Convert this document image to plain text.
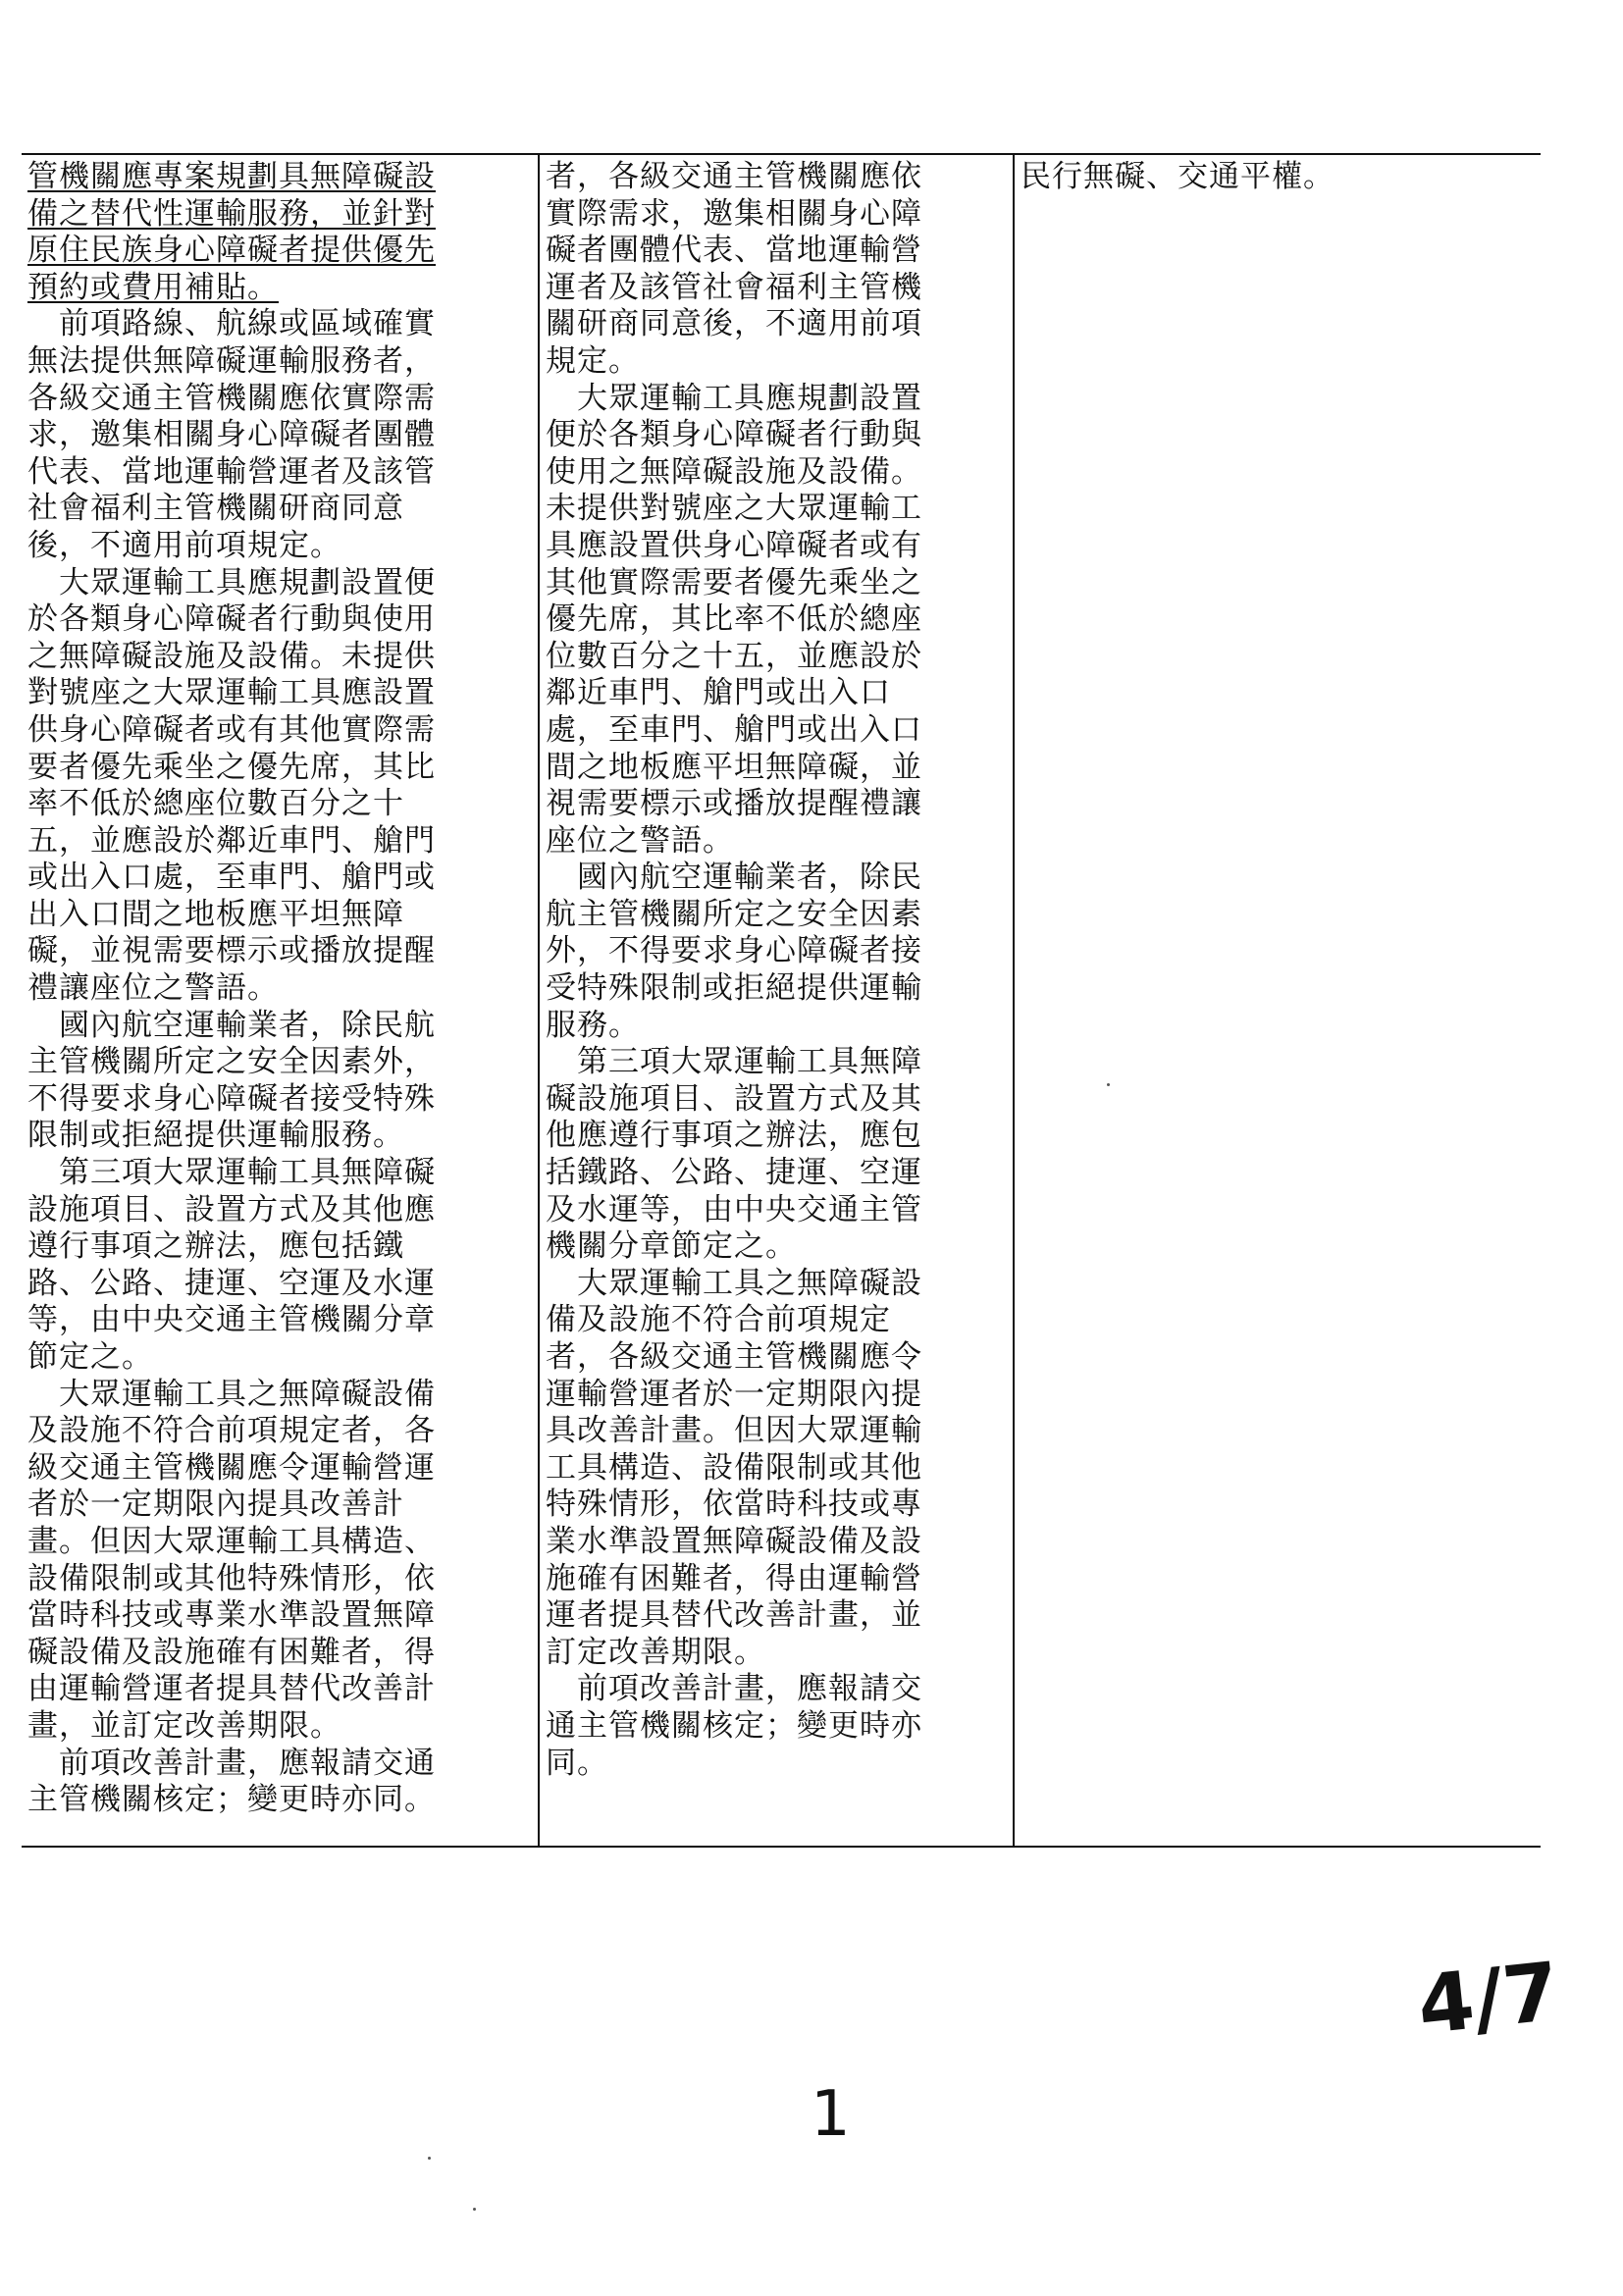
管機關應專案規劃具無障礙設

備之替代性運輸服務，並針對

原住民族身心障礙者提供優先

預約或費用補貼。

　前項路線、航線或區域確實

無法提供無障礙運輸服務者，

各級交通主管機關應依實際需

求，邀集相關身心障礙者團體

代表、當地運輸營運者及該管

社會福利主管機關研商同意

後，不適用前項規定。

　大眾運輸工具應規劃設置便

於各類身心障礙者行動與使用

之無障礙設施及設備。未提供

對號座之大眾運輸工具應設置

供身心障礙者或有其他實際需

要者優先乘坐之優先席，其比

率不低於總座位數百分之十

五，並應設於鄰近車門、艙門

或出入口處，至車門、艙門或

出入口間之地板應平坦無障

礙，並視需要標示或播放提醒

禮讓座位之警語。

　國內航空運輸業者，除民航

主管機關所定之安全因素外，

不得要求身心障礙者接受特殊

限制或拒絕提供運輸服務。

　第三項大眾運輸工具無障礙

設施項目、設置方式及其他應

遵行事項之辦法，應包括鐵

路、公路、捷運、空運及水運

等，由中央交通主管機關分章

節定之。

　大眾運輸工具之無障礙設備

及設施不符合前項規定者，各

級交通主管機關應令運輸營運

者於一定期限內提具改善計

畫。但因大眾運輸工具構造、

設備限制或其他特殊情形，依

當時科技或專業水準設置無障

礙設備及設施確有困難者，得

由運輸營運者提具替代改善計

畫，並訂定改善期限。

　前項改善計畫，應報請交通

主管機關核定；變更時亦同。

者，各級交通主管機關應依

實際需求，邀集相關身心障

礙者團體代表、當地運輸營

運者及該管社會福利主管機

關研商同意後，不適用前項

規定。

　大眾運輸工具應規劃設置

便於各類身心障礙者行動與

使用之無障礙設施及設備。

未提供對號座之大眾運輸工

具應設置供身心障礙者或有

其他實際需要者優先乘坐之

優先席，其比率不低於總座

位數百分之十五，並應設於

鄰近車門、艙門或出入口

處，至車門、艙門或出入口

間之地板應平坦無障礙，並

視需要標示或播放提醒禮讓

座位之警語。

　國內航空運輸業者，除民

航主管機關所定之安全因素

外，不得要求身心障礙者接

受特殊限制或拒絕提供運輸

服務。

　第三項大眾運輸工具無障

礙設施項目、設置方式及其

他應遵行事項之辦法，應包

括鐵路、公路、捷運、空運

及水運等，由中央交通主管

機關分章節定之。

　大眾運輸工具之無障礙設

備及設施不符合前項規定

者，各級交通主管機關應令

運輸營運者於一定期限內提

具改善計畫。但因大眾運輸

工具構造、設備限制或其他

特殊情形，依當時科技或專

業水準設置無障礙設備及設

施確有困難者，得由運輸營

運者提具替代改善計畫，並

訂定改善期限。

　前項改善計畫，應報請交

通主管機關核定；變更時亦

同。

民行無礙、交通平權。

4/7
1
